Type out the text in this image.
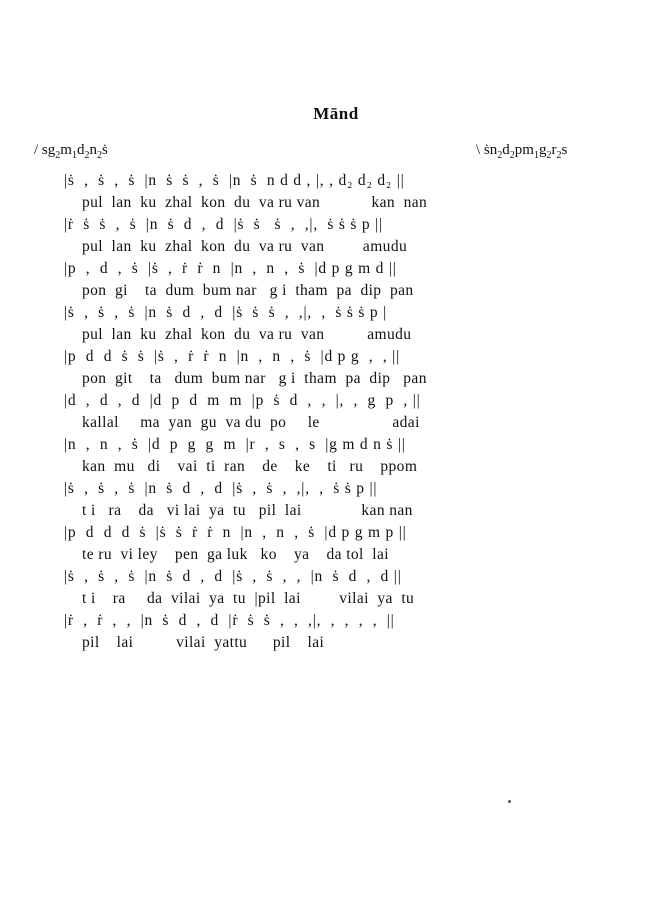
Mānd
/ $sg_2m_1d_2n_2ṡ$	\ $ṡn_2d_2pm_1g_2r_2s$
|ṡ  ,  ṡ  ,  ṡ  |n  ṡ  ṡ  ,  ṡ  |n  ṡ  n d d , |, , d₂ d₂ d₂ ||
pul  lan  ku  zhal  kon  du  va ru van            kan  nan
|ṙ  ṡ  ṡ  ,  ṡ  |n  ṡ  d  ,  d  |ṡ  ṡ   ṡ  ,  ,|,  ṡ ṡ ṡ p ||
pul  lan  ku  zhal  kon  du  va ru  van         amudu
|p  ,  d  ,  ṡ  |ṡ  ,  ṙ  ṙ  n  |n  ,  n  ,  ṡ  |d p g m d ||
pon  gi    ta  dum  bum nar   g i  tham  pa  dip  pan
|ṡ  ,  ṡ  ,  ṡ  |n  ṡ  d  ,  d  |ṡ  ṡ  ṡ  ,  ,|,  ,  ṡ ṡ ṡ p |
pul  lan  ku  zhal  kon  du  va ru  van          amudu
|p  d  d  ṡ  ṡ  |ṡ  ,  ṙ  ṙ  n  |n  ,  n  ,  ṡ  |d p g  ,  , ||
pon  git    ta   dum  bum nar   g i  tham  pa  dip   pan
|d  ,  d  ,  d  |d  p  d  m  m  |p  ṡ  d  ,  ,  |,  ,  g  p  , ||
kallal     ma  yan  gu  va du  po     le                 adai
|n  ,  n  ,  ṡ  |d  p  g  g  m  |r  ,  s  ,  s  |g m d n ṡ ||
kan  mu   di    vai  ti  ran    de    ke    ti   ru    ppom
|ṡ  ,  ṡ  ,  ṡ  |n  ṡ  d  ,  d  |ṡ  ,  ṡ  ,  ,|,  ,  ṡ ṡ p ||
t i   ra    da   vi lai  ya  tu   pil  lai              kan nan
|p  d  d  d  ṡ  |ṡ  ṡ  ṙ  ṙ  n  |n  ,  n  ,  ṡ  |d p g m p ||
te ru  vi ley    pen  ga luk   ko    ya    da tol  lai
|ṡ  ,  ṡ  ,  ṡ  |n  ṡ  d  ,  d  |ṡ  ,  ṡ  ,  ,  |n  ṡ  d  ,  d ||
t i    ra     da  vilai  ya  tu  |pil  lai         vilai  ya  tu
|ṙ  ,  ṙ  ,  ,  |n  ṡ  d  ,  d  |ṙ  ṡ  ṡ  ,  ,  ,|,  ,  ,  ,  ,  ||
pil    lai          vilai  yattu      pil    lai
